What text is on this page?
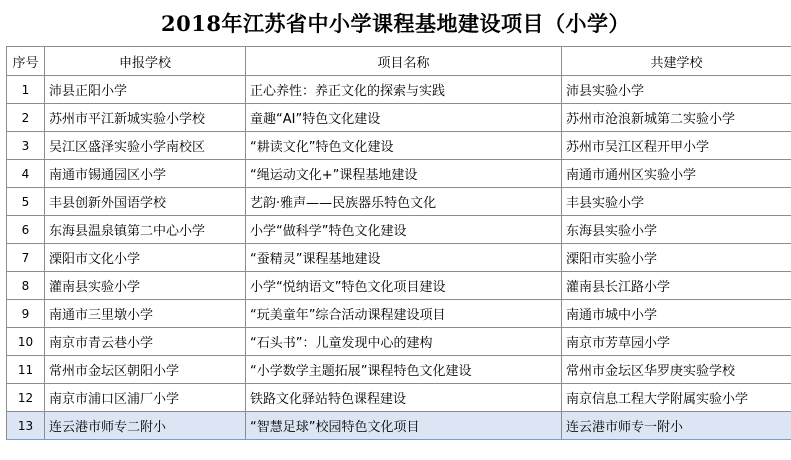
2018年江苏省中小学课程基地建设项目（小学）
序号	申报学校	项目名称	共建学校
1	沛县正阳小学	正心养性：养正文化的探索与实践	沛县实验小学
2	苏州市平江新城实验小学校	童趣“AI”特色文化建设	苏州市沧浪新城第二实验小学
3	吴江区盛泽实验小学南校区	“耕读文化”特色文化建设	苏州市吴江区程开甲小学
4	南通市锡通园区小学	“绳运动文化+”课程基地建设	南通市通州区实验小学
5	丰县创新外国语学校	艺韵·雅声——民族器乐特色文化	丰县实验小学
6	东海县温泉镇第二中心小学	小学“做科学”特色文化建设	东海县实验小学
7	溧阳市文化小学	“蚕精灵”课程基地建设	溧阳市实验小学
8	灌南县实验小学	小学“悦纳语文”特色文化项目建设	灌南县长江路小学
9	南通市三里墩小学	“玩美童年”综合活动课程建设项目	南通市城中小学
10	南京市青云巷小学	“石头书”：儿童发现中心的建构	南京市芳草园小学
11	常州市金坛区朝阳小学	“小学数学主题拓展”课程特色文化建设	常州市金坛区华罗庚实验学校
12	南京市浦口区浦厂小学	铁路文化驿站特色课程建设	南京信息工程大学附属实验小学
13	连云港市师专二附小	“智慧足球”校园特色文化项目	连云港市师专一附小
